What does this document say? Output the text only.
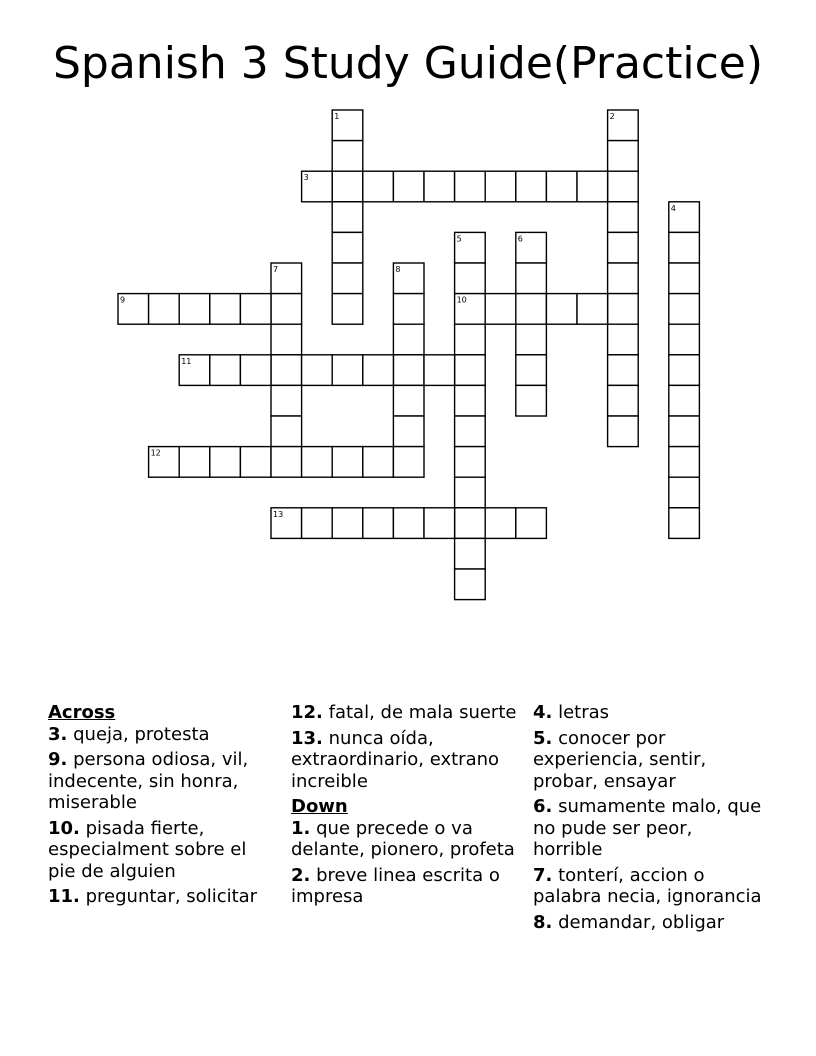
Spanish 3 Study Guide(Practice)
1	2
3
4
5	6
7	8
9	10
11
12
13
Across
3. queja, protesta
9. persona odiosa, vil, indecente, sin honra, miserable
10. pisada fierte, especialment sobre el pie de alguien
11. preguntar, solicitar
12. fatal, de mala suerte
13. nunca oída, extraordinario, extrano increible
Down
1. que precede o va delante, pionero, profeta
2. breve linea escrita o impresa
4. letras
5. conocer por experiencia, sentir, probar, ensayar
6. sumamente malo, que no pude ser peor, horrible
7. tonterí, accion o palabra necia, ignorancia
8. demandar, obligar
